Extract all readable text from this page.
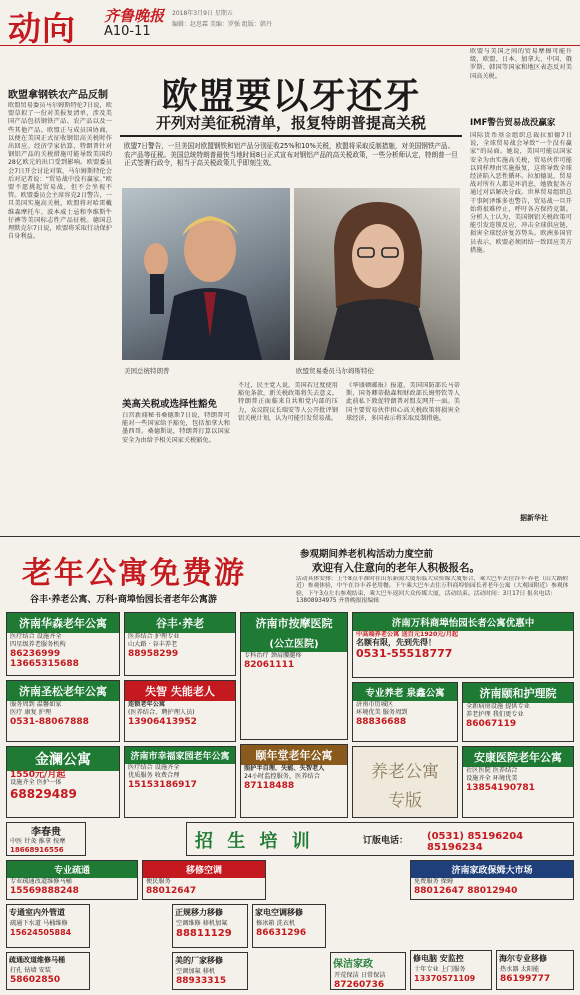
动向 齐鲁晚报
A10-11
2018年3月9日 星期五
编辑：赵思霖 美编：罗强 组版：韩丹
欧盟拿钢铁农产品反制
欧盟贸易委员马尔姆斯特伦7日说，欧盟草拟了一份对美报复清单，涉及美国产品包括钢铁产品、农产品以及一些其他产品。欧盟正与成员国协商，以便在美国正式征收钢铝高关税时作出回应。经济学家估算，特朗普针对钢铝产品的关税措施可能导致美国约28亿欧元的出口受到影响。欧盟委员会7日开会讨论对策，马尔姆斯特伦会后对记者说：“贸易战中没有赢家。”欧盟不愿挑起贸易战，但不会坐视不管。欧盟委员会主席容克2日警告，一旦美国实施高关税，欧盟将对哈雷戴维森摩托车、波本威士忌和李维斯牛仔裤等美国标志性产品征税。德国总理默克尔7日说，欧盟将采取行动保护自身利益。
欧盟要以牙还牙
开列对美征税清单，报复特朗普提高关税
欧盟7日警告，一旦美国对欧盟钢铁和铝产品分别征收25%和10%关税，欧盟将采取反制措施，对美国钢铁产品、农产品等征税。美国总统特朗普最快当地时间8日正式宣布对钢铝产品的高关税政策，一些分析师认定，特朗普一旦正式签署行政令，相当于高关税政策几乎即刻生效。
美国总统特朗普	欧盟贸易委员马尔姆斯特伦
美高关税或选择性豁免
白宫新闻秘书桑德斯7日说，特朗普可能对一些国家给予豁免，包括加拿大和墨西哥。桑德斯说，特朗普打算以国家安全为由给予相关国家关税豁免。
不过，民主党人说，美国若过度使用豁免条款，新关税政策将失去意义。特朗普正面临来自共和党内部的压力，众议院议长瑞安等人公开批评钢铝关税计划，认为可能引发贸易战。
《华盛顿邮报》报道，美国国防部长马蒂斯、国务卿蒂勒森和财政部长姆努钦等人此前私下敦促特朗普对盟友网开一面。美国主要贸易伙伴担心高关税政策将损害全球经济，多国表示将采取反制措施。
欧盟与美国之间的贸易摩擦可能升级，欧盟、日本、加拿大、中国、俄罗斯、韩国等国家和地区表态反对美国高关税。
IMF警告贸易战没赢家
国际货币基金组织总裁拉加德7日说，全球贸易战会导致“一个没有赢家”的局面。她说，美国可能以国家安全为由实施高关税，贸易伙伴可能以同样理由实施报复，这将导致全球经济陷入恶性循环。拉加德说，贸易战对所有人都是坏消息，她敦促各方通过对话解决分歧。世界贸易组织总干事阿泽维多也警告，贸易战一旦开始将很难停止，呼吁各方保持克制。分析人士认为，美国钢铝关税政策可能引发连锁反应，冲击全球供应链，损害全球经济复苏势头。欧洲多国官员表示，欧盟必须团结一致回应美方措施。
据新华社
老年公寓免费游
谷丰·养老公寓、万科·商埠怡园长者老年公寓游
参观期间养老机构活动力度空前
欢迎有入住意向的老年人积极报名。
活动具体安排：上午8点半准时在山东新闻大厦东临大众传媒大厦集合，乘大巴车去往谷丰·养老（山大路附近）参观体验，中午在谷丰养老用餐。下午乘大巴车去往万科商埠怡园长者老年公寓（大观园附近）参观体验，下午3点左右参观结束，乘大巴车返回大众传媒大厦，活动结束。活动时间：3月17日 报名电话：13808934975 齐鲁晚报报编辑
济南华森老年公寓
医疗结合 设施齐全
四星级养老服务机构
86236999 13665315688
谷丰·养老
医养结合 护理专业
山大路 · 谷丰养老
88958299
济南市按摩医院
(公立医院)
专科治疗 颈肩腰腿疼
82061111
济南万科商埠怡园长者公寓优惠中
中高端养老公寓 送百元1920元/月起
名额有限，先到先得！
0531-55518777
济南圣松老年公寓
服务周到 温馨如家
医疗 康复 护理
0531-88067888
失智 失能老人
连锁老年公寓
(医养结合、聘护理人员)
13906413952
专业养老 泉鑫公寓
济南市历城区
环境优美 服务周到
88836688
济南颐和护理院
全新病房设施 提供专业
养老护理 我们更专业
86067119
金澜公寓
1550元/月起
设施齐全 医护一体
68829489
济南市幸福家园老年公寓
医疗结合 设施齐全
优质服务 收费合理
15153186917
颐年堂老年公寓
照护半自理、失能、失智老人
24小时监控服务，医养结合
87118488
养老公寓
专版
安康医院老年公寓
社区医院 医养结合
设施齐全 环境优美
13854190781
李春贵
中医 针灸 推拿 按摩
18668916556	招 生 培 训	订版电话： (0531) 85196204 85196234
专业疏通
专业疏通改道维修马桶
15569888248
移修空调
便民服务
88012647
济南家政保姆大市场
免费服务 保姆
88012647 88012940
专通室内外管道
疏通下水道 马桶维修
15624505884
正规移力移修
空调维修 移机加氟
88811129
家电空调移修
修冰箱 洗衣机
86631296
修电脑 安监控
十年专业 上门服务
13370571109
疏通改道维修马桶
打孔 钻墙 安装
58602850
美的厂家移修
空调加氟 移机
88933315
保洁家政
开荒保洁 日常保洁
87260736
海尔专业移修
热水器 太阳能
86199777
